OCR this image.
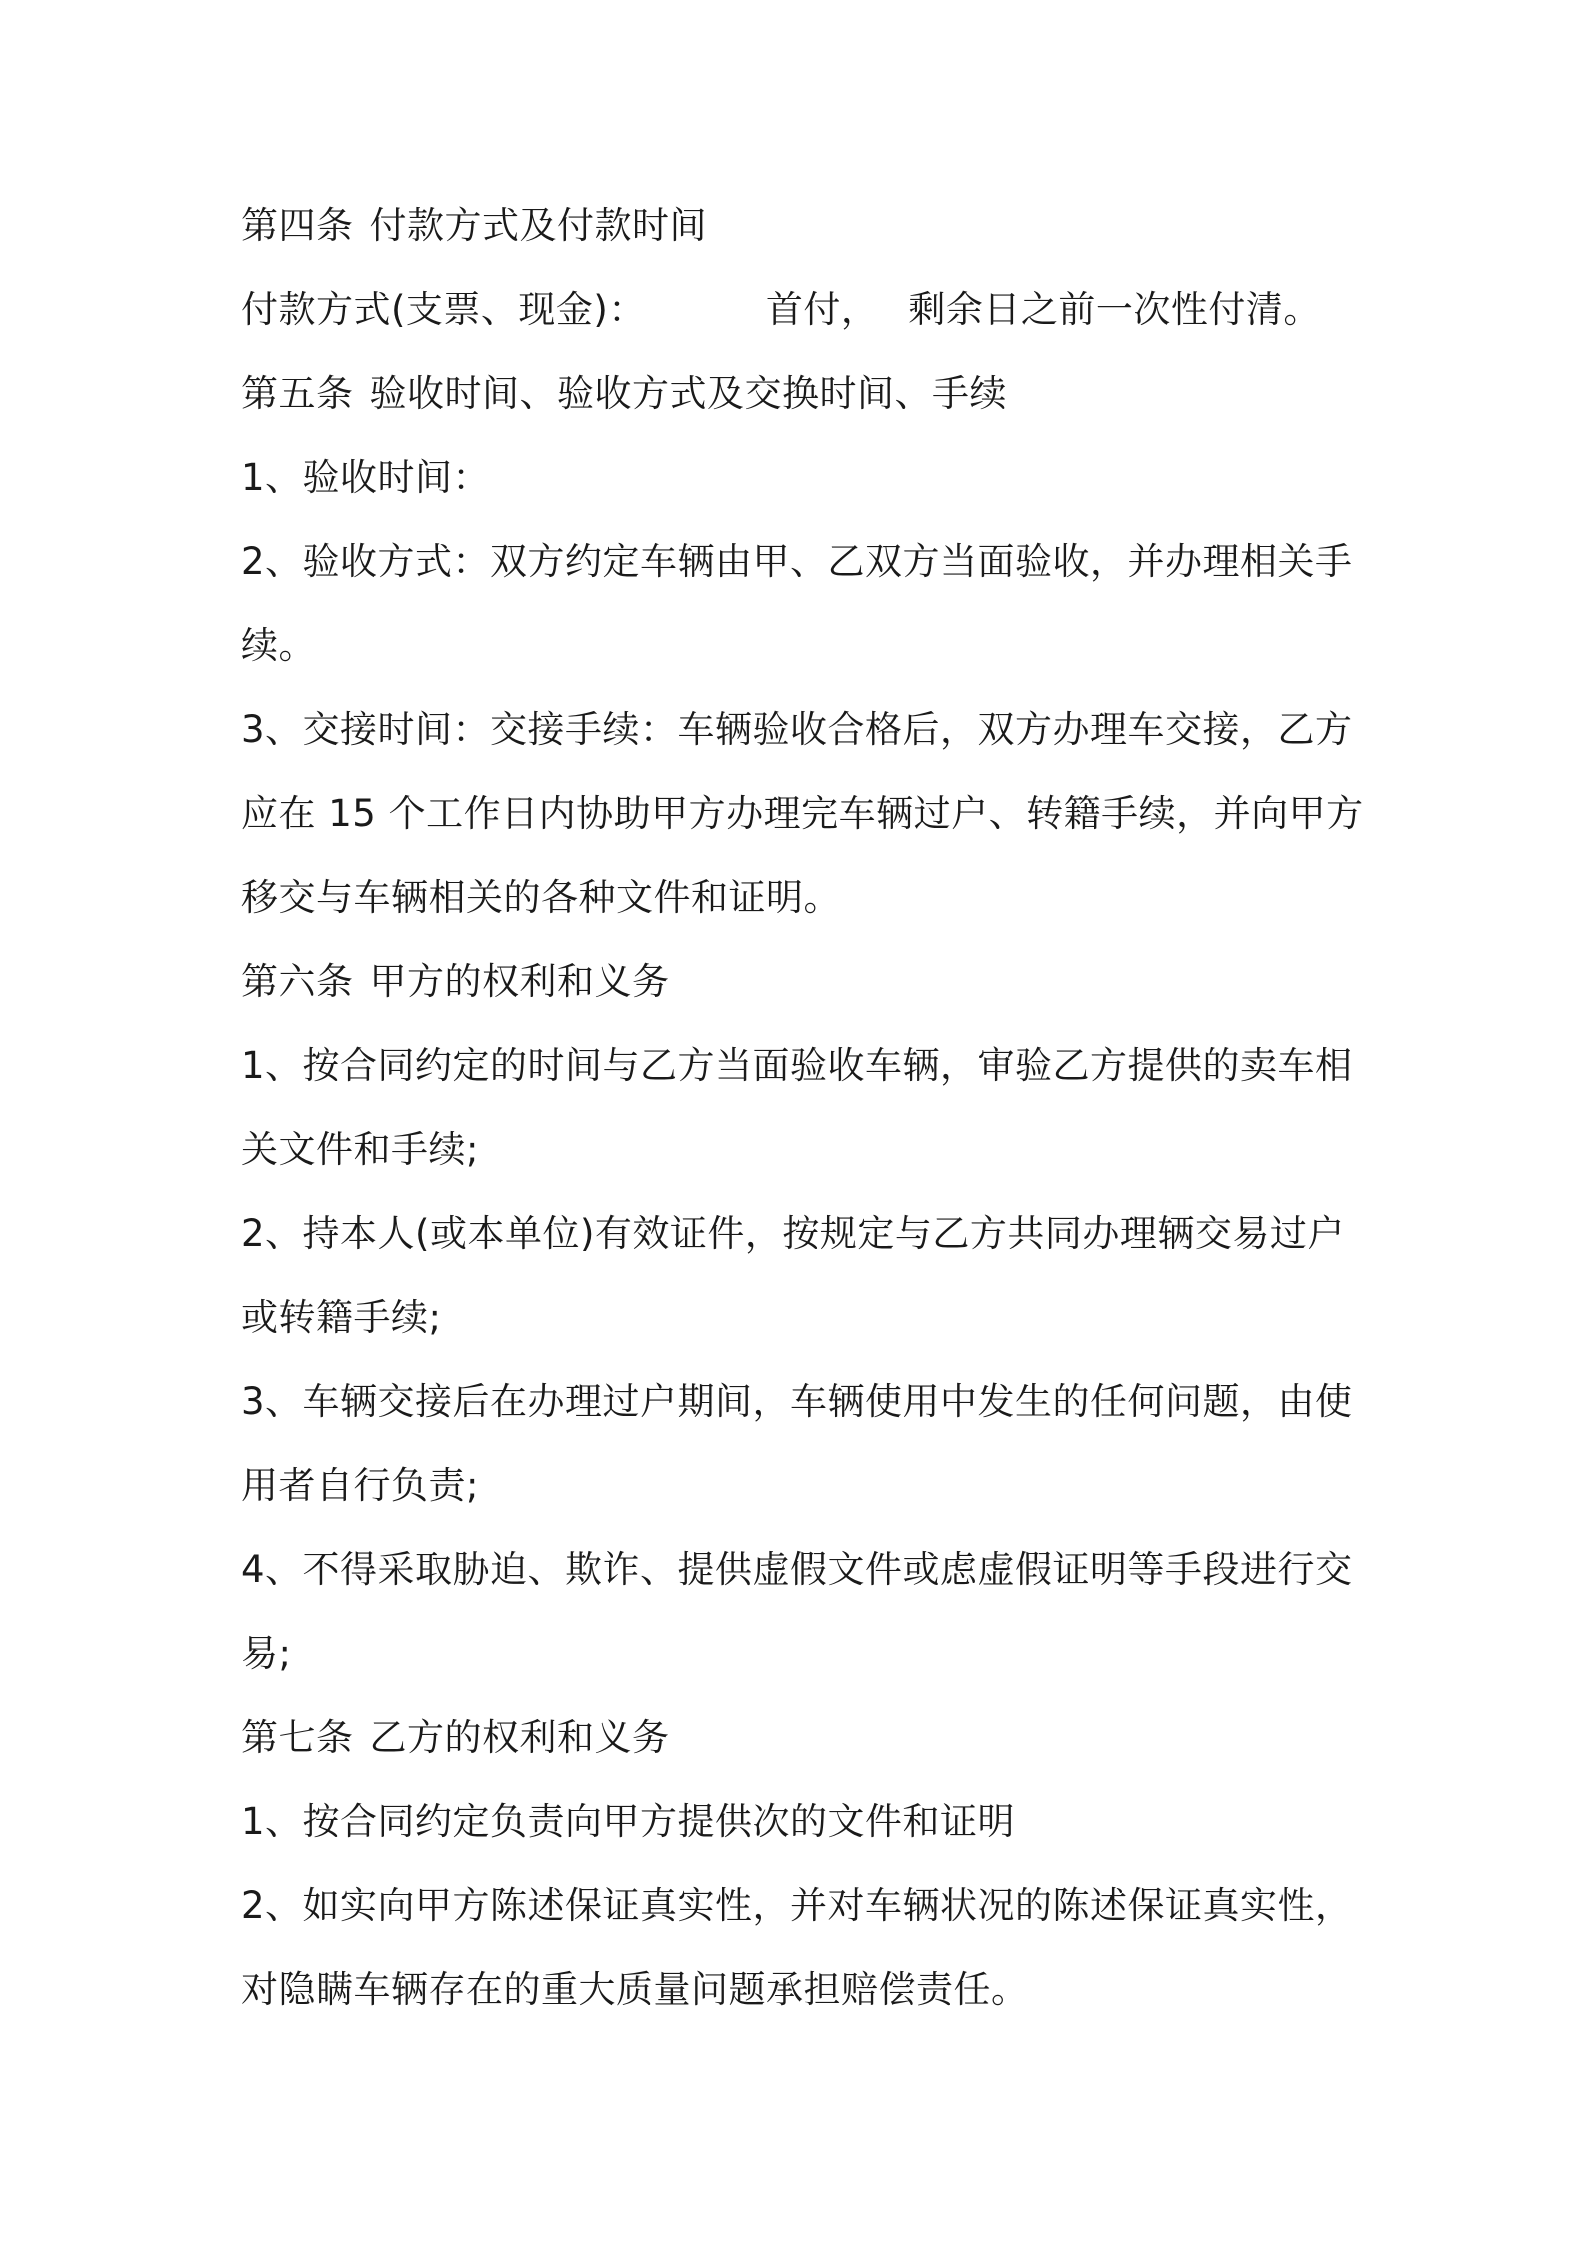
第四条 付款方式及付款时间
付款方式(支票、现金)：	首付， 剩余日之前一次性付清。
第五条 验收时间、验收方式及交换时间、手续
1、验收时间：
2、验收方式：双方约定车辆由甲、乙双方当面验收，并办理相关手
续。
3、交接时间：交接手续：车辆验收合格后，双方办理车交接，乙方
应在 15 个工作日内协助甲方办理完车辆过户、转籍手续，并向甲方
移交与车辆相关的各种文件和证明。
第六条 甲方的权利和义务
1、按合同约定的时间与乙方当面验收车辆，审验乙方提供的卖车相
关文件和手续;
2、持本人(或本单位)有效证件，按规定与乙方共同办理辆交易过户
或转籍手续;
3、车辆交接后在办理过户期间，车辆使用中发生的任何问题，由使
用者自行负责;
4、不得采取胁迫、欺诈、提供虚假文件或虑虚假证明等手段进行交
易;
第七条 乙方的权利和义务
1、按合同约定负责向甲方提供次的文件和证明
2、如实向甲方陈述保证真实性，并对车辆状况的陈述保证真实性，
对隐瞒车辆存在的重大质量问题承担赔偿责任。
